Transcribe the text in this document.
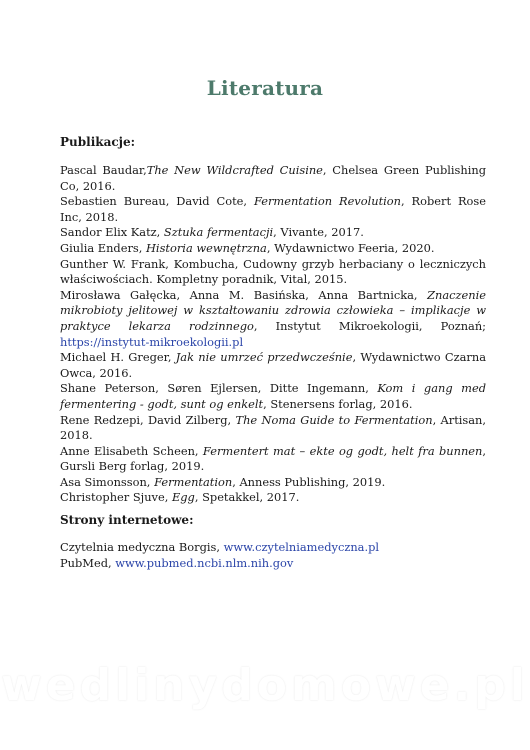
Literatura
Publikacje:

Pascal Baudar,The New Wildcrafted Cuisine, Chelsea Green Publishing Co, 2016.

Sebastien Bureau, David Cote, Fermentation Revolution, Robert Rose Inc, 2018.

Sandor Elix Katz, Sztuka fermentacji, Vivante, 2017.

Giulia Enders, Historia wewnętrzna, Wydawnictwo Feeria, 2020.

Gunther W. Frank, Kombucha, Cudowny grzyb herbaciany o leczniczych właściwościach. Kompletny poradnik, Vital, 2015.

Mirosława Gałęcka, Anna M. Basińska, Anna Bartnicka, Znaczenie mikrobioty jelitowej w kształtowaniu zdrowia człowieka – implikacje w praktyce lekarza rodzinnego, Instytut Mikroekologii, Poznań; https://instytut-mikroekologii.pl

Michael H. Greger, Jak nie umrzeć przedwcześnie, Wydawnictwo Czarna Owca, 2016.

Shane Peterson, Søren Ejlersen, Ditte Ingemann, Kom i gang med fermentering - godt, sunt og enkelt, Stenersens forlag, 2016.

Rene Redzepi, David Zilberg, The Noma Guide to Fermentation, Artisan, 2018.

Anne Elisabeth Scheen, Fermentert mat – ekte og godt, helt fra bunnen, Gursli Berg forlag, 2019.

Asa Simonsson, Fermentation, Anness Publishing, 2019.

Christopher Sjuve, Egg, Spetakkel, 2017.

Strony internetowe:
Czytelnia medyczna Borgis, www.czytelniamedyczna.pl
PubMed, www.pubmed.ncbi.nlm.nih.gov
wedlinydomowe.pl
